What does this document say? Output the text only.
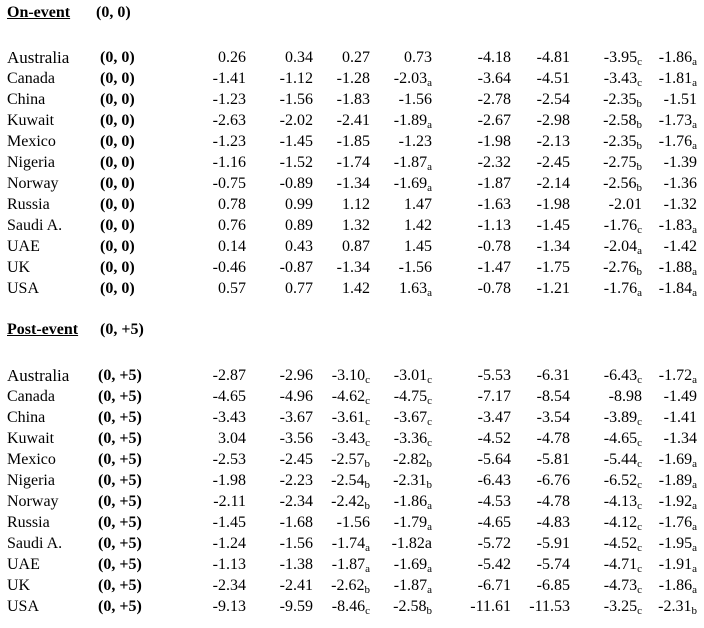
On-event (0, 0)
Australia (0, 0)	0.26	0.34	0.27	0.73	-4.18	-4.81	$-3.95_c$	$-1.86_a$
Canada	(0, 0)	-1.41	-1.12	-1.28	$-2.03_a$	-3.64	-4.51	$-3.43_c$	$-1.81_a$
China	(0, 0)	-1.23	-1.56	-1.83	-1.56	-2.78	-2.54	$-2.35_b$	-1.51
Kuwait	(0, 0)	-2.63	-2.02	-2.41	$-1.89_a$	-2.67	-2.98	$-2.58_b$	$-1.73_a$
Mexico	(0, 0)	-1.23	-1.45	-1.85	-1.23	-1.98	-2.13	$-2.35_b$	$-1.76_a$
Nigeria	(0, 0)	-1.16	-1.52	-1.74	$-1.87_a$	-2.32	-2.45	$-2.75_b$	-1.39
Norway	(0, 0)	-0.75	-0.89	-1.34	$-1.69_a$	-1.87	-2.14	$-2.56_b$	-1.36
Russia	(0, 0)	0.78	0.99	1.12	1.47	-1.63	-1.98	-2.01	-1.32
Saudi A. (0, 0)	0.76	0.89	1.32	1.42	-1.13	-1.45	$-1.76_c$	$-1.83_a$
UAE	(0, 0)	0.14	0.43	0.87	1.45	-0.78	-1.34	$-2.04_a$	-1.42
UK	(0, 0)	-0.46	-0.87	-1.34	-1.56	-1.47	-1.75	$-2.76_b$	$-1.88_a$
USA	(0, 0)	0.57	0.77	1.42	$1.63_a$	-0.78	-1.21	$-1.76_a$	$-1.84_a$
Post-event (0, +5)
Australia (0, +5)	-2.87	-2.96	$-3.10_c$	$-3.01_c$	-5.53	-6.31	$-6.43_c$	$-1.72_a$
Canada	(0, +5)	-4.65	-4.96	$-4.62_c$	$-4.75_c$	-7.17	-8.54	-8.98	-1.49
China	(0, +5)	-3.43	-3.67	$-3.61_c$	$-3.67_c$	-3.47	-3.54	$-3.89_c$	-1.41
Kuwait	(0, +5)	3.04	-3.56	$-3.43_c$	$-3.36_c$	-4.52	-4.78	$-4.65_c$	-1.34
Mexico	(0, +5)	-2.53	-2.45	$-2.57_b$	$-2.82_b$	-5.64	-5.81	$-5.44_c$	$-1.69_a$
Nigeria	(0, +5)	-1.98	-2.23	$-2.54_b$	$-2.31_b$	-6.43	-6.76	$-6.52_c$	$-1.89_a$
Norway (0, +5)	-2.11	-2.34	$-2.42_b$	$-1.86_a$	-4.53	-4.78	$-4.13_c$	$-1.92_a$
Russia	(0, +5)	-1.45	-1.68	-1.56	$-1.79_a$	-4.65	-4.83	$-4.12_c$	$-1.76_a$
Saudi A. (0, +5)	-1.24	-1.56	$-1.74_a$	-1.82a	-5.72	-5.91	$-4.52_c$	$-1.95_a$
UAE	(0, +5)	-1.13	-1.38	$-1.87_a$	$-1.69_a$	-5.42	-5.74	$-4.71_c$	$-1.91_a$
UK	(0, +5)	-2.34	-2.41	$-2.62_b$	$-1.87_a$	-6.71	-6.85	$-4.73_c$	$-1.86_a$
USA	(0, +5)	-9.13	-9.59	$-8.46_c$	$-2.58_b$	-11.61	-11.53	$-3.25_c$	$-2.31_b$
